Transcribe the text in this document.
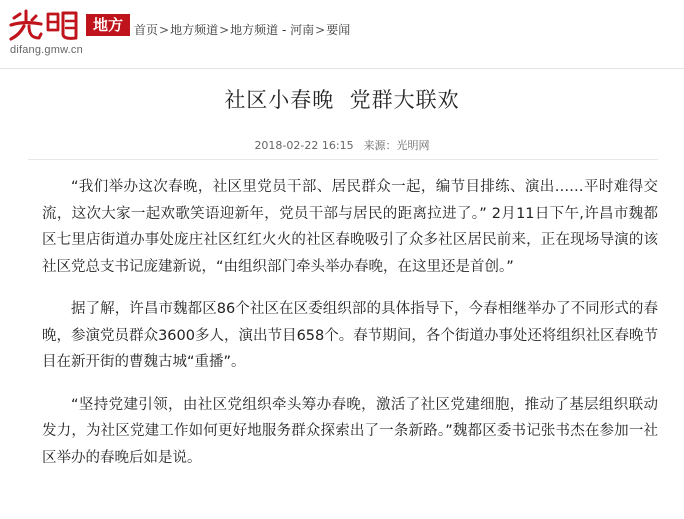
地方
difang.gmw.cn
首页>地方频道>地方频道 - 河南>要闻
社区小春晚  党群大联欢
2018-02-22 16:15 来源：光明网

“我们举办这次春晚，社区里党员干部、居民群众一起，编节目排练、演出……平时难得交流，这次大家一起欢歌笑语迎新年，党员干部与居民的距离拉进了。” 2月11日下午,许昌市魏都区七里店街道办事处庞庄社区红红火火的社区春晚吸引了众多社区居民前来，正在现场导演的该社区党总支书记庞建新说，“由组织部门牵头举办春晚，在这里还是首创。”

据了解，许昌市魏都区86个社区在区委组织部的具体指导下，今春相继举办了不同形式的春晚，参演党员群众3600多人，演出节目658个。春节期间，各个街道办事处还将组织社区春晚节目在新开街的曹魏古城“重播”。

“坚持党建引领，由社区党组织牵头筹办春晚，激活了社区党建细胞，推动了基层组织联动发力，为社区党建工作如何更好地服务群众探索出了一条新路。”魏都区委书记张书杰在参加一社区举办的春晚后如是说。
